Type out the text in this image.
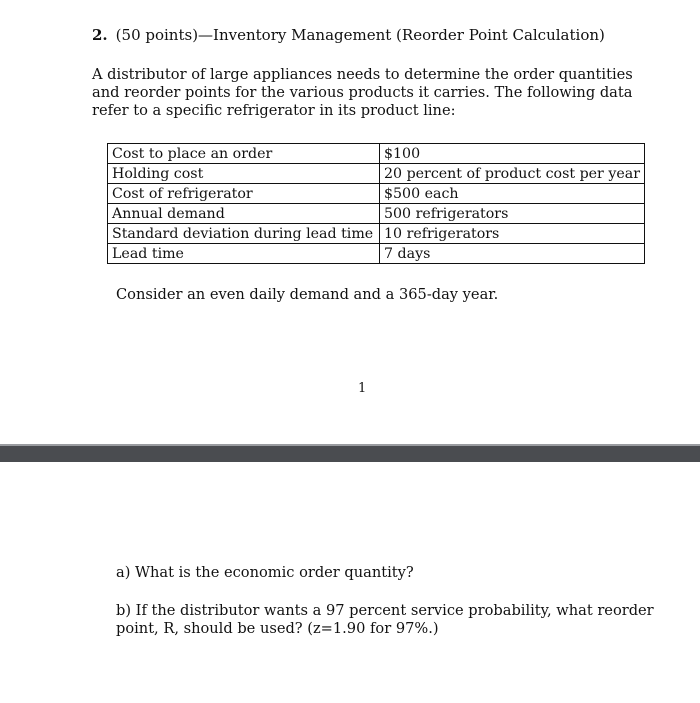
2. (50 points)—Inventory Management (Reorder Point Calculation)

A distributor of large appliances needs to determine the order quantities and reorder points for the various products it carries. The following data refer to a specific refrigerator in its product line:

Cost to place an order	$100
Holding cost	20 percent of product cost per year
Cost of refrigerator	$500 each
Annual demand	500 refrigerators
Standard deviation during lead time	10 refrigerators
Lead time	7 days
Consider an even daily demand and a 365-day year.
1
a) What is the economic order quantity?

b) If the distributor wants a 97 percent service probability, what reorder point, R, should be used? (z=1.90 for 97%.)
